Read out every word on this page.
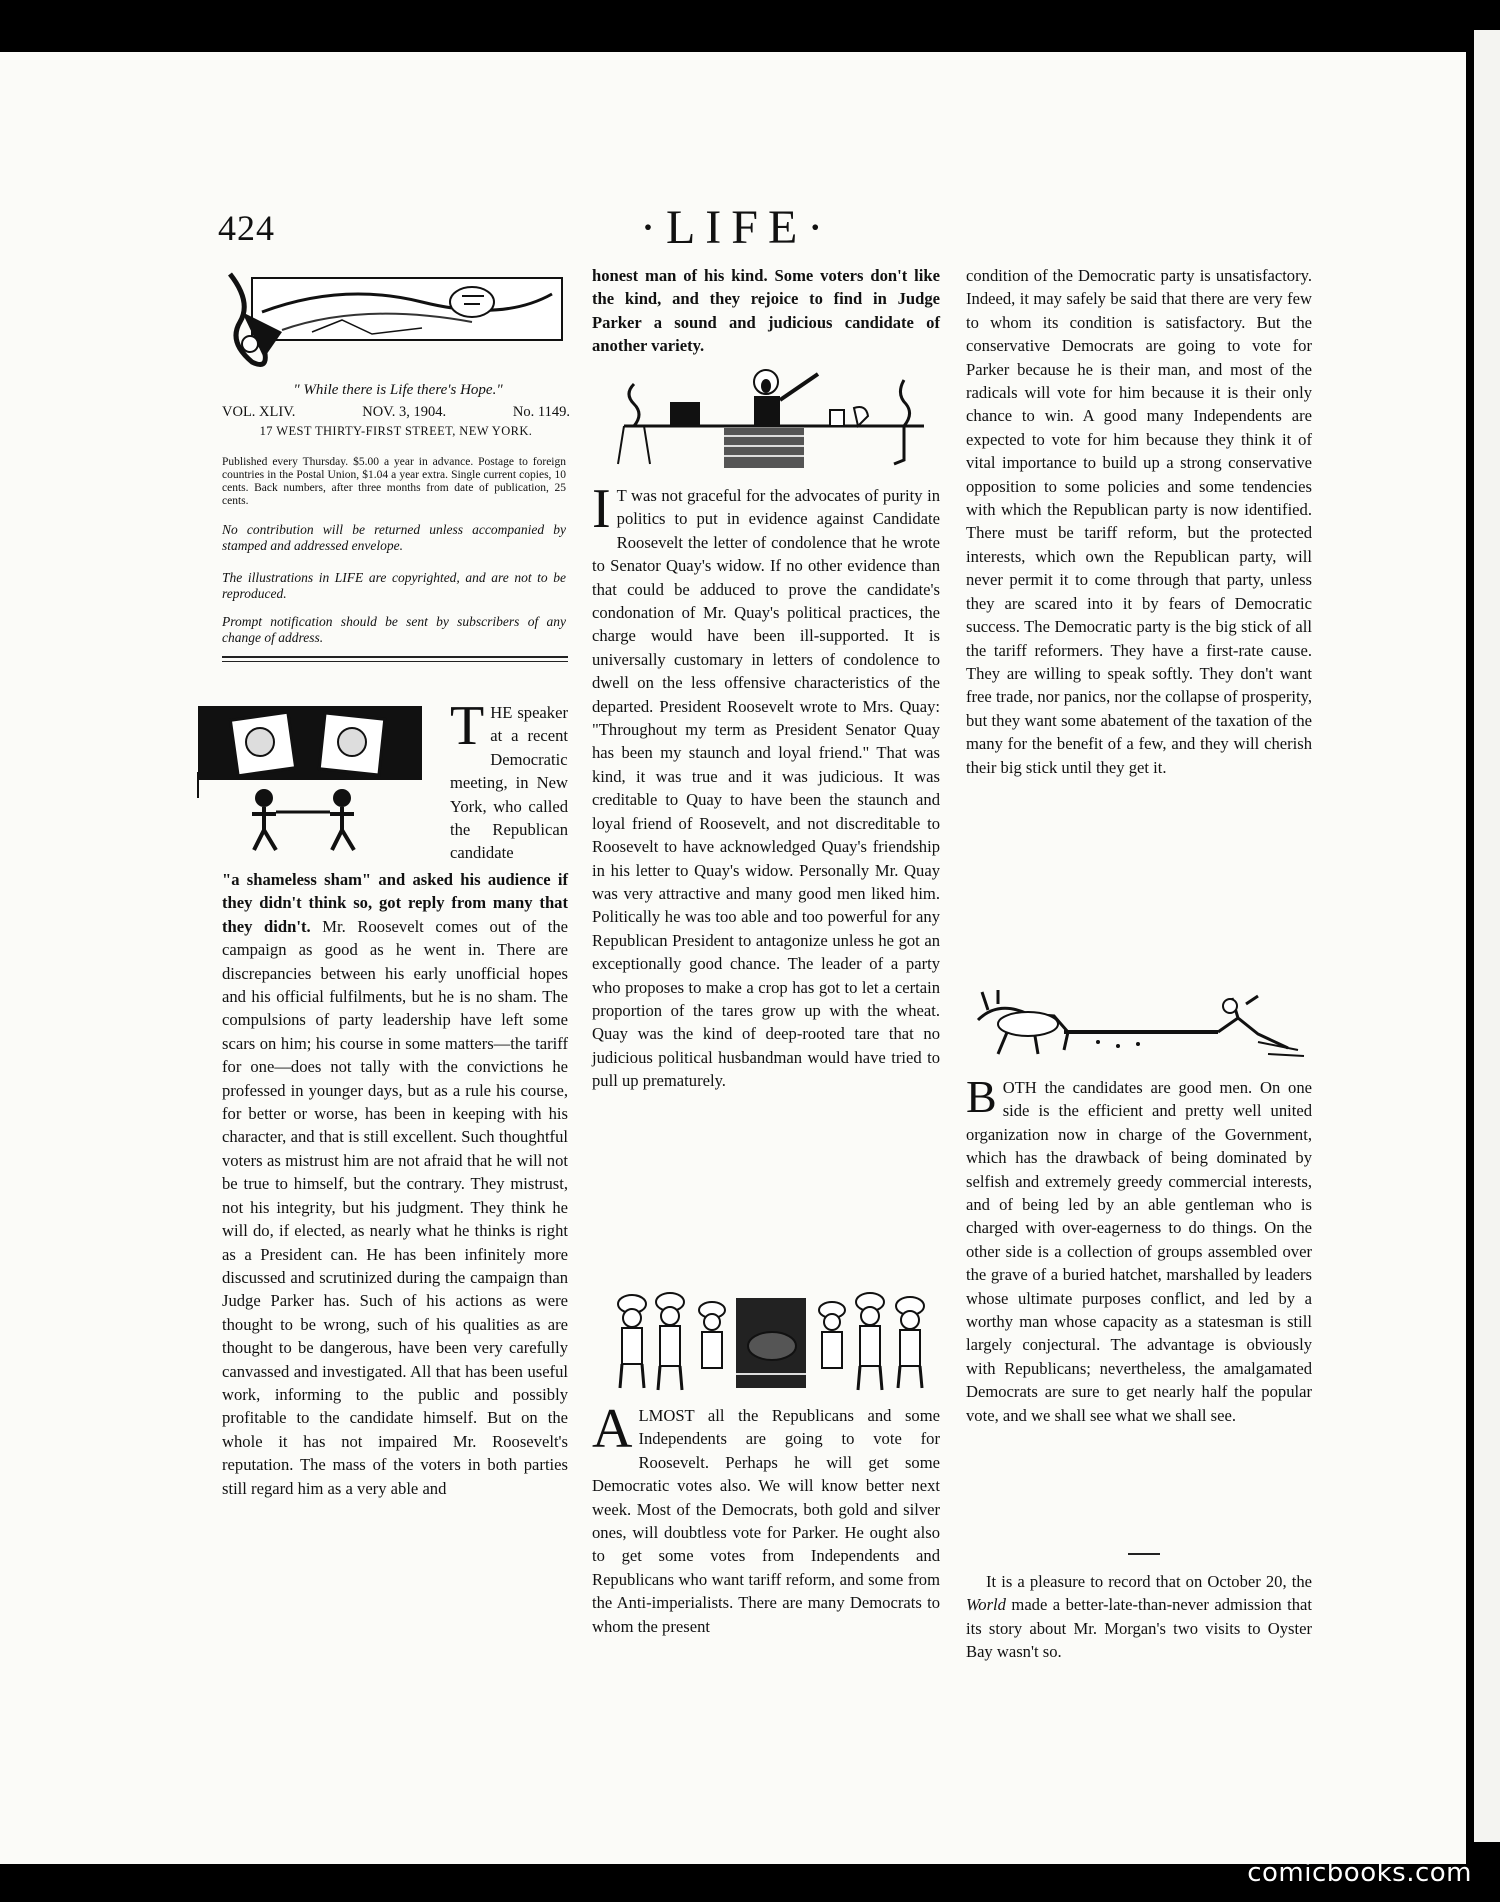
424	·LIFE·
" While there is Life there's Hope."
VOL. XLIV.	NOV. 3, 1904.	No. 1149.
17 WEST THIRTY-FIRST STREET, NEW YORK.
Published every Thursday. $5.00 a year in advance. Postage to foreign countries in the Postal Union, $1.04 a year extra. Single current copies, 10 cents. Back numbers, after three months from date of publication, 25 cents.
No contribution will be returned unless accompanied by stamped and addressed envelope.
The illustrations in LIFE are copyrighted, and are not to be reproduced.
Prompt notification should be sent by subscribers of any change of address.
THE speaker at a recent Democratic meeting, in New York, who called the Republican candidate

"a shameless sham" and asked his audience if they didn't think so, got reply from many that they didn't. Mr. Roosevelt comes out of the campaign as good as he went in. There are discrepancies between his early unofficial hopes and his official fulfilments, but he is no sham. The compulsions of party leadership have left some scars on him; his course in some matters—the tariff for one—does not tally with the convictions he professed in younger days, but as a rule his course, for better or worse, has been in keeping with his character, and that is still excellent. Such thoughtful voters as mistrust him are not afraid that he will not be true to himself, but the contrary. They mistrust, not his integrity, but his judgment. They think he will do, if elected, as nearly what he thinks is right as a President can. He has been infinitely more discussed and scrutinized during the campaign than Judge Parker has. Such of his actions as were thought to be wrong, such of his qualities as are thought to be dangerous, have been very carefully canvassed and investigated. All that has been useful work, informing to the public and possibly profitable to the candidate himself. But on the whole it has not impaired Mr. Roosevelt's reputation. The mass of the voters in both parties still regard him as a very able and

honest man of his kind. Some voters don't like the kind, and they rejoice to find in Judge Parker a sound and judicious candidate of another variety.

I T was not graceful for the advocates of purity in politics to put in evidence against Candidate Roosevelt the letter of condolence that he wrote to Senator Quay's widow. If no other evidence than that could be adduced to prove the candidate's condonation of Mr. Quay's political practices, the charge would have been ill-supported. It is universally customary in letters of condolence to dwell on the less offensive characteristics of the departed. President Roosevelt wrote to Mrs. Quay: "Throughout my term as President Senator Quay has been my staunch and loyal friend." That was kind, it was true and it was judicious. It was creditable to Quay to have been the staunch and loyal friend of Roosevelt, and not discreditable to Roosevelt to have acknowledged Quay's friendship in his letter to Quay's widow. Personally Mr. Quay was very attractive and many good men liked him. Politically he was too able and too powerful for any Republican President to antagonize unless he got an exceptionally good chance. The leader of a party who proposes to make a crop has got to let a certain proportion of the tares grow up with the wheat. Quay was the kind of deep-rooted tare that no judicious political husbandman would have tried to pull up prematurely.

ALMOST all the Republicans and some Independents are going to vote for Roosevelt. Perhaps he will get some Democratic votes also. We will know better next week. Most of the Democrats, both gold and silver ones, will doubtless vote for Parker. He ought also to get some votes from Independents and Republicans who want tariff reform, and some from the Anti-imperialists. There are many Democrats to whom the present

condition of the Democratic party is unsatisfactory. Indeed, it may safely be said that there are very few to whom its condition is satisfactory. But the conservative Democrats are going to vote for Parker because he is their man, and most of the radicals will vote for him because it is their only chance to win. A good many Independents are expected to vote for him because they think it of vital importance to build up a strong conservative opposition to some policies and some tendencies with which the Republican party is now identified. There must be tariff reform, but the protected interests, which own the Republican party, will never permit it to come through that party, unless they are scared into it by fears of Democratic success. The Democratic party is the big stick of all the tariff reformers. They have a first-rate cause. They are willing to speak softly. They don't want free trade, nor panics, nor the collapse of prosperity, but they want some abatement of the taxation of the many for the benefit of a few, and they will cherish their big stick until they get it.

BOTH the candidates are good men. On one side is the efficient and pretty well united organization now in charge of the Government, which has the drawback of being dominated by selfish and extremely greedy commercial interests, and of being led by an able gentleman who is charged with over-eagerness to do things. On the other side is a collection of groups assembled over the grave of a buried hatchet, marshalled by leaders whose ultimate purposes conflict, and led by a worthy man whose capacity as a statesman is still largely conjectural. The advantage is obviously with Republicans; nevertheless, the amalgamated Democrats are sure to get nearly half the popular vote, and we shall see what we shall see.

It is a pleasure to record that on October 20, the World made a better-late-than-never admission that its story about Mr. Morgan's two visits to Oyster Bay wasn't so.

comicbooks.com
